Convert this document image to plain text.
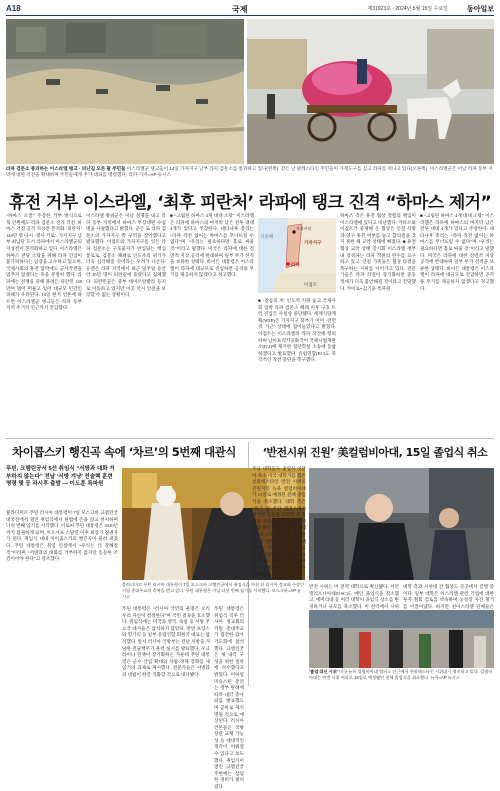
A18	국제	제31923호 · 2024년 5월 15일 수요일	동아일보
라파 검문소 통과하는 이스라엘 탱크 · 피난길 오른 팔 주민들 이스라엘군 탱크들이 14일 가자지구 남부 라파 검문소를 통과하고 있다(왼쪽). 같은 날 팔레스타인 주민들이 가재도구를 싣고 라파를 떠나고 있다(오른쪽). 이스라엘군은 이날 라파 동부 지역에 대한 작전을 확대하며 주민들에게 추가 대피를 명령했다. 라파·가자=AP 뉴시스
휴전 거부 이스라엘, ‘최후 피란처’ 라파에 탱크 진격 “하마스 제거”
“하마스 소굴” 주장한 거부 방식으로 북 인원에도 라파 검문소 진격 작전, 하마스 거점 공격 지상전 본격화 ‘피란처’ 140만 명 다시 ‘생사 기로’. 가자지구 남부 최남단 도시 라파에서 이스라엘군의 지상전이 본격화하고 있다. 이스라엘은 하마스 잔당 소탕을 위해 라파 진입이 불가피하다는 입장을 고수하고 있으며, 국제사회의 휴전 압박에도 군사작전을 멈추지 않겠다는 뜻을 분명히 했다. 라파에는 전쟁을 피해 몰려든 피란민 140만여 명이 머물고 있어 대규모 민간인 피해가 우려된다. 14일 현지 언론에 따르면 이스라엘군 탱크들은 라파 동부 지역 주거지 인근까지 진입했다.
이스라엘 방위군은 이날 성명을 내고 라파 동부 지역에서 하마스 무장대원 수십 명을 사살했다고 밝혔다. 군은 또 라파 검문소의 가자지구 쪽 구역을 장악했다고 발표했다. 이집트와 가자지구를 잇는 라파 검문소는 구호물자가 반입되는 핵심 통로로, 검문소 폐쇄로 인도주의 위기가 더욱 심각해질 것이라는 우려가 나온다. 유엔은 라파 지역에서 최근 일주일 동안 약 45만 명이 피란길에 올랐다고 집계했다. 피란민들은 중부 데이르알발라 등지로 이동하고 있지만 이곳 역시 안전을 보장할 수 없는 상황이다.
■ “고립된 하마스 4개 대대 소탕” 이스라엘은 라파에 하마스의 마지막 남은 전투 대대 4개가 있다고 주장한다. 네타냐후 총리는 “라파 작전 없이는 하마스를 무너뜨릴 수 없다”며 “우리는 필요하다면 홀로 싸울 것”이라고 말했다. 미국은 라파에 대한 전면적 지상 공격에 반대하며 일부 무기 선적을 보류한 상태다. 바이든 대통령은 이스라엘이 라파에 대규모로 진입하면 공격용 무기를 제공하지 않겠다고 경고했다.
지중해
가자지구
가자시티
라파
이집트
■ ‘갈등의 씨’ 인도적 지원 놓고 국제사회 압박 라파 검문소 폐쇄 이후 구호 트럭 진입은 사실상 중단됐다. 세계식량계획(WFP)은 가자지구 북부가 이미 ‘전면적 기근’ 상태에 접어들었다고 밝혔다. 이집트는 이스라엘의 라파 작전에 항의하며 남아프리카공화국이 국제사법재판소(ICJ)에 제기한 집단학살 소송에 동참하겠다고 발표했다. 유럽연합(EU)도 즉각적인 작전 중단을 촉구했다.
하마스 측은 휴전 협상 결렬의 책임이 이스라엘에 있다고 비난했다. 카타르와 이집트가 중재해 온 협상은 인질 석방과 영구 휴전 여부를 놓고 합의점을 찾지 못한 채 교착 상태에 빠졌다. ■ 휴전 협상 교착 상태 장기화 이스라엘 정부 내 강경파는 라파 작전의 완수를 요구하고 있고, 인질 가족들은 협상 타결을 촉구하는 시위를 이어가고 있다. 전문가들은 라파 작전이 장기화하면 중동 정세가 더욱 불안해질 것이라고 전망했다. 카이로=김기윤 특파원
■ “고립된 하마스 4개 대대 소탕” 이스라엘은 라파에 하마스의 마지막 남은 전투 대대 4개가 있다고 주장한다. 네타냐후 총리는 “라파 작전 없이는 하마스를 무너뜨릴 수 없다”며 “우리는 필요하다면 홀로 싸울 것”이라고 말했다. 미국은 라파에 대한 전면적 지상 공격에 반대하며 일부 무기 선적을 보류한 상태다. 바이든 대통령은 이스라엘이 라파에 대규모로 진입하면 공격용 무기를 제공하지 않겠다고 경고했다.
차이콥스키 행진곡 속에 ‘차르’의 5번째 대관식
푸틴, 크렘린궁서 5선 취임식 “서방과 대화 거부하지 않는다” 전날 ‘서방 겨냥’ 전술핵 훈련 명령 몇 등 과시후 출발 — 이도훈 특파원
블라디미르 푸틴 러시아 대통령이 7일 모스크바 크렘린궁 대궁전에서 열린 취임식에서 헌법에 손을 얹고 선서하며 다섯 번째 임기를 시작했다. 이로써 푸틴 대통령은 2030년까지 집권하게 되며, 이오시프 스탈린 이후 최장기 집권자가 된다. 취임식 내내 차이콥스키의 행진곡이 울려 퍼졌다. 푸틴 대통령은 취임 연설에서 “우리는 더 강해질 것”이라며 “서방과의 대화를 거부하지 않지만 동등한 조건이어야 한다”고 강조했다.
블라디미르 푸틴 러시아 대통령이 7일 모스크바 크렘린궁에서 취임식을 마친 뒤 러시아 정교회 수장인 키릴 총대주교의 축복을 받고 있다. 푸틴 대통령은 이날 다섯 번째 임기를 시작했다. 모스크바=AP 뉴시스
푸틴 대통령은 “러시아 국민의 운명은 오직 우리 자신이 결정한다”며 국민 결속을 호소했다. 취임식에는 미국과 영국, 독일 등 서방 주요국 대사들은 참석하지 않았다. 반면 프랑스와 헝가리 등 일부 유럽연합 회원국 대표는 참석했다. 앞서 러시아 국방부는 전날 서방을 겨냥한 전술핵무기 훈련 실시를 발표했다. 우크라이나 전쟁이 장기화하는 가운데 푸틴 대통령은 군수 산업 확대와 자립 경제 강화를 새 임기의 과제로 제시했다. 전문가들은 서방과의 대립이 한층 격화할 것으로 내다봤다.
푸틴 대통령은 취임식 직후 러시아 정교회의 키릴 총대주교가 집전한 감사 기도회에 참석했다. 크렘린궁은 새 내각 구성을 위한 절차에 착수했다고 밝혔다. 미하일 미슈스틴 총리는 정부 관례에 따라 내각 총사퇴를 발표했으며 곧바로 재지명될 것으로 예상된다. 러시아 언론들은 국방장관 교체 가능성 등 대대적인 개각이 이뤄질 수 있다고 보도했다. 취임식이 열린 크렘린궁 주변에는 삼엄한 경비가 펼쳐졌다.
‘반전시위 진원’ 美컬럼비아대, 15일 졸업식 취소
주요 대학들도 졸업식 잇달아 축소 미국 대학가를 휩쓴 친팔레스타인 반전 시위의 진원지인 뉴욕 컬럼비아대가 15일로 예정된 전체 졸업식을 취소했다. 대학 측은 “최근 몇 주간 캠퍼스에서 벌어진 일들을 고려할 때 학생과 가족들이 안전하게 행사를 즐길 수 있도록 단과대별 소규모 행사로 대체한다”고 밝혔다. 컬럼비아대에서는 지난달 학생들이 교내 잔디밭에 천막 농성장을 설치하고 건물을 점거했다가 경찰에 체포되는 사태가 벌어졌다.
반전 시위는 미 전역 대학으로 확산됐다. 서던캘리포니아대(USC)도 메인 졸업식을 취소했고, 에머리대 등 여러 대학이 졸업식 장소를 변경하거나 규모를 축소했다. 미 전역에서 시위
대학 측과 시위대 간 협상도 곳곳에서 진행 중이다. 일부 대학은 이스라엘 관련 기업에 대한 투자 철회 검토를 약속하며 농성장 자진 철거를 이끌어냈다. 하지만 친이스라엘 단체들은
‘졸업 대신 시위’ 미국 뉴욕 컬럼비아대 캠퍼스 인근에서 친팔레스타인 시위대가 행진하고 있다. 컬럼비아대는 반전 시위 여파로 15일로 예정됐던 전체 졸업식을 취소했다. 뉴욕=AP 뉴시스
